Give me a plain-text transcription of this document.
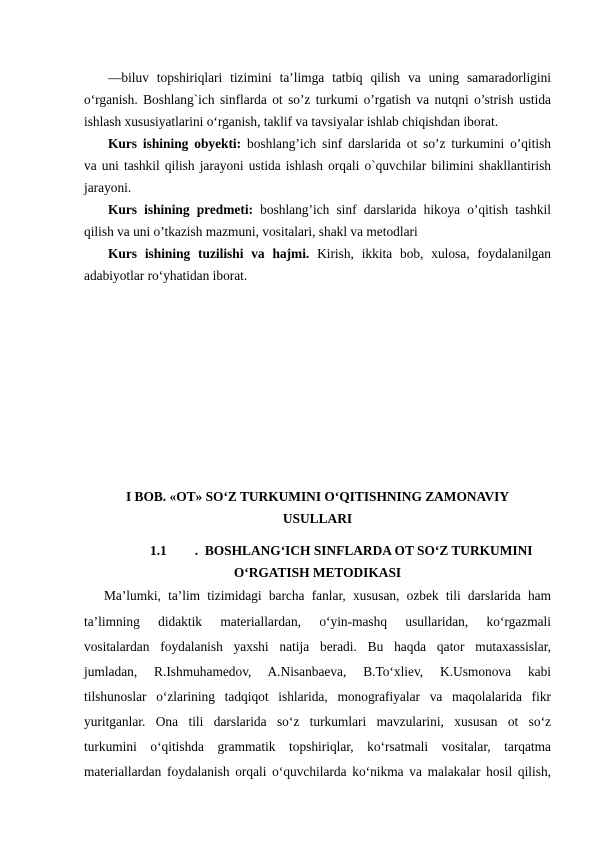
—biluv topshiriqlari tizimini ta’limga tatbiq qilish va uning samaradorligini
o‘rganish. Boshlang`ich sinflarda ot so’z turkumi o’rgatish va nutqni o’strish ustida
ishlash xususiyatlarini o‘rganish, taklif va tavsiyalar ishlab chiqishdan iborat.
Kurs ishining obyekti: boshlang’ich sinf darslarida ot so’z turkumini o’qitish
va uni tashkil qilish jarayoni ustida ishlash orqali o`quvchilar bilimini shakllantirish
jarayoni.
Kurs ishining predmeti: boshlang’ich sinf darslarida hikoya o’qitish tashkil
qilish va uni o’tkazish mazmuni, vositalari, shakl va metodlari
Kurs ishining tuzilishi va hajmi. Kirish, ikkita bob, xulosa, foydalanilgan
adabiyotlar ro‘yhatidan iborat.
I BOB. «OT» SO‘Z TURKUMINI O‘QITISHNING ZAMONAVIY
USULLARI
1.1 . BOSHLANG‘ICH SINFLARDA OT SO‘Z TURKUMINI
O‘RGATISH METODIKASI
Ma’lumki, ta’lim tizimidagi barcha fanlar, xususan, ozbek tili darslarida ham
ta’limning didaktik materiallardan, o‘yin-mashq usullaridan, ko‘rgazmali
vositalardan foydalanish yaxshi natija beradi. Bu haqda qator mutaxassislar,
jumladan, R.Ishmuhamedov, A.Nisanbaeva, B.To‘xliev, K.Usmonova kabi
tilshunoslar o‘zlarining tadqiqot ishlarida, monografiyalar va maqolalarida fikr
yuritganlar. Ona tili darslarida so‘z turkumlari mavzularini, xususan ot so‘z
turkumini o‘qitishda grammatik topshiriqlar, ko‘rsatmali vositalar, tarqatma
materiallardan foydalanish orqali o‘quvchilarda ko‘nikma va malakalar hosil qilish,
